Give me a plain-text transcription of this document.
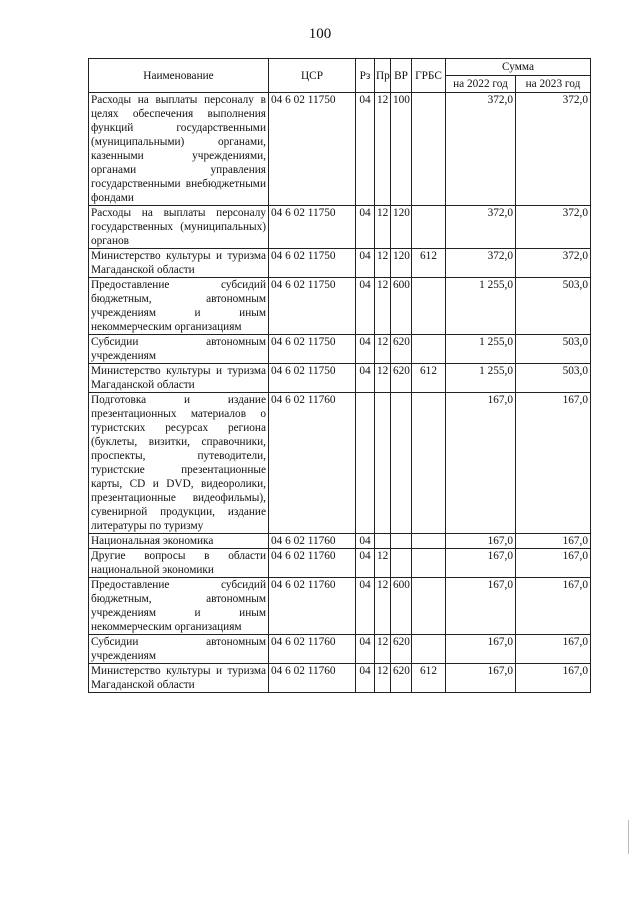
100
Наименование	ЦСР	Рз	Пр	ВР	ГРБС	Сумма	
						на 2022 год	на 2023 год
Расходы на выплаты персоналу в целях обеспечения выполнения функций государственными (муниципальными) органами, казенными учреждениями, органами управления государственными внебюджетными фондами	04 6 02 11750	04	12	100		372,0	372,0
Расходы на выплаты персоналу государственных (муниципальных) органов	04 6 02 11750	04	12	120		372,0	372,0
Министерство культуры и туризма Магаданской области	04 6 02 11750	04	12	120	612	372,0	372,0
Предоставление субсидий бюджетным, автономным учреждениям и иным некоммерческим организациям	04 6 02 11750	04	12	600		1 255,0	503,0
Субсидии автономным учреждениям	04 6 02 11750	04	12	620		1 255,0	503,0
Министерство культуры и туризма Магаданской области	04 6 02 11750	04	12	620	612	1 255,0	503,0
Подготовка и издание презентационных материалов о туристских ресурсах региона (буклеты, визитки, справочники, проспекты, путеводители, туристские презентационные карты, CD и DVD, видеоролики, презентационные видеофильмы), сувенирной продукции, издание литературы по туризму	04 6 02 11760					167,0	167,0
Национальная экономика	04 6 02 11760	04				167,0	167,0
Другие вопросы в области национальной экономики	04 6 02 11760	04	12			167,0	167,0
Предоставление субсидий бюджетным, автономным учреждениям и иным некоммерческим организациям	04 6 02 11760	04	12	600		167,0	167,0
Субсидии автономным учреждениям	04 6 02 11760	04	12	620		167,0	167,0
Министерство культуры и туризма Магаданской области	04 6 02 11760	04	12	620	612	167,0	167,0
